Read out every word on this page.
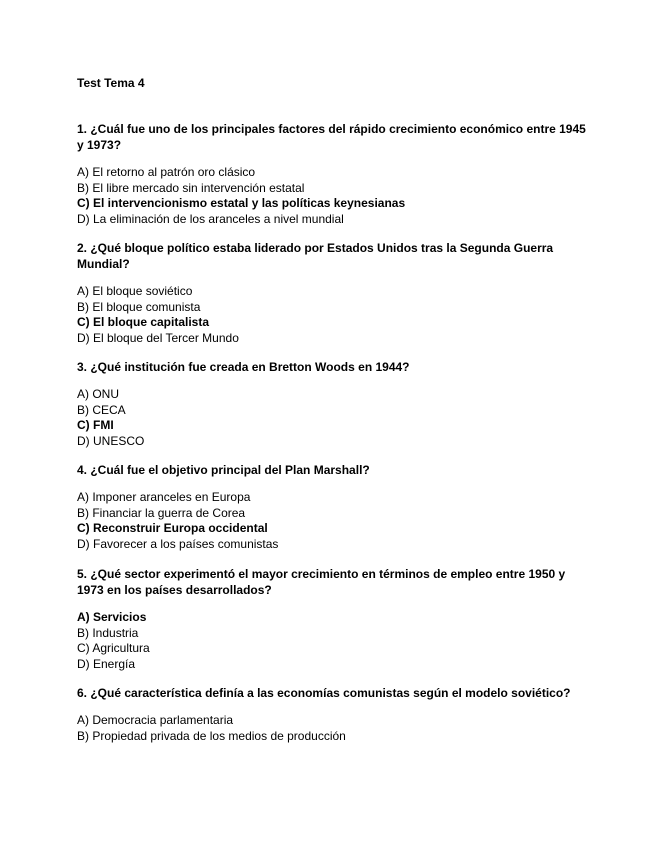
Test Tema 4
1. ¿Cuál fue uno de los principales factores del rápido crecimiento económico entre 1945 y 1973?
A) El retorno al patrón oro clásico
B) El libre mercado sin intervención estatal
C) El intervencionismo estatal y las políticas keynesianas
D) La eliminación de los aranceles a nivel mundial
2. ¿Qué bloque político estaba liderado por Estados Unidos tras la Segunda Guerra Mundial?
A) El bloque soviético
B) El bloque comunista
C) El bloque capitalista
D) El bloque del Tercer Mundo
3. ¿Qué institución fue creada en Bretton Woods en 1944?
A) ONU
B) CECA
C) FMI
D) UNESCO
4. ¿Cuál fue el objetivo principal del Plan Marshall?
A) Imponer aranceles en Europa
B) Financiar la guerra de Corea
C) Reconstruir Europa occidental
D) Favorecer a los países comunistas
5. ¿Qué sector experimentó el mayor crecimiento en términos de empleo entre 1950 y 1973 en los países desarrollados?
A) Servicios
B) Industria
C) Agricultura
D) Energía
6. ¿Qué característica definía a las economías comunistas según el modelo soviético?
A) Democracia parlamentaria
B) Propiedad privada de los medios de producción
